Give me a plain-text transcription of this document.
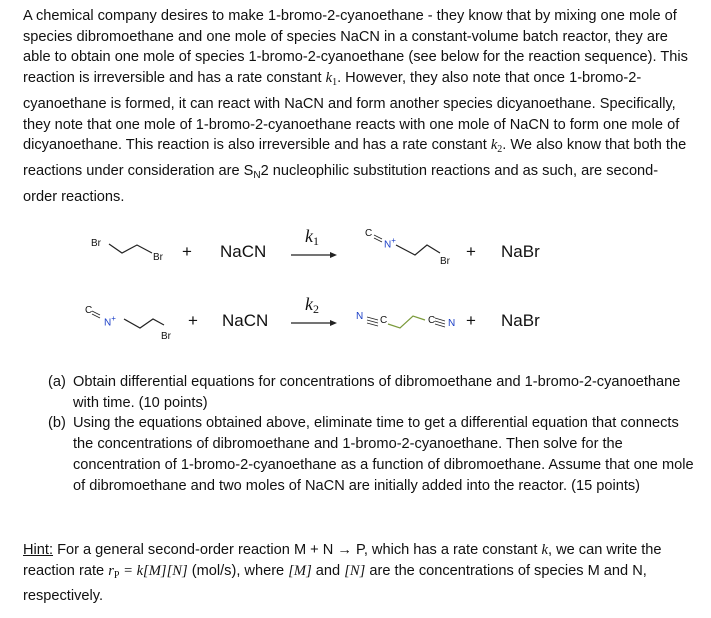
A chemical company desires to make 1-bromo-2-cyanoethane - they know that by mixing one mole of species dibromoethane and one mole of species NaCN in a constant-volume batch reactor, they are able to obtain one mole of species 1-bromo-2-cyanoethane (see below for the reaction sequence). This reaction is irreversible and has a rate constant $k_1$. However, they also note that once 1-bromo-2-cyanoethane is formed, it can react with NaCN and form another species dicyanoethane. Specifically, they note that one mole of 1-bromo-2-cyanoethane reacts with one mole of NaCN to form one mole of dicyanoethane. This reaction is also irreversible and has a rate constant $k_2$. We also know that both the reactions under consideration are $S_N2$ nucleophilic substitution reactions and as such, are second-order reactions.

Br
Br + NaCN
$k_1$
C
N+
Br
+ NaBr
C
N+
Br
+ NaCN
$k_2$
N C	C N + NaBr
(a) Obtain differential equations for concentrations of dibromoethane and 1-bromo-2-cyanoethane with time. (10 points)
(b) Using the equations obtained above, eliminate time to get a differential equation that connects the concentrations of dibromoethane and 1-bromo-2-cyanoethane. Then solve for the concentration of 1-bromo-2-cyanoethane as a function of dibromoethane. Assume that one mole of dibromoethane and two moles of NaCN are initially added into the reactor. (15 points)

Hint: For a general second-order reaction M + N → P, which has a rate constant k, we can write the reaction rate $r_P = k[M][N]$ (mol/s), where [M] and [N] are the concentrations of species M and N, respectively.
